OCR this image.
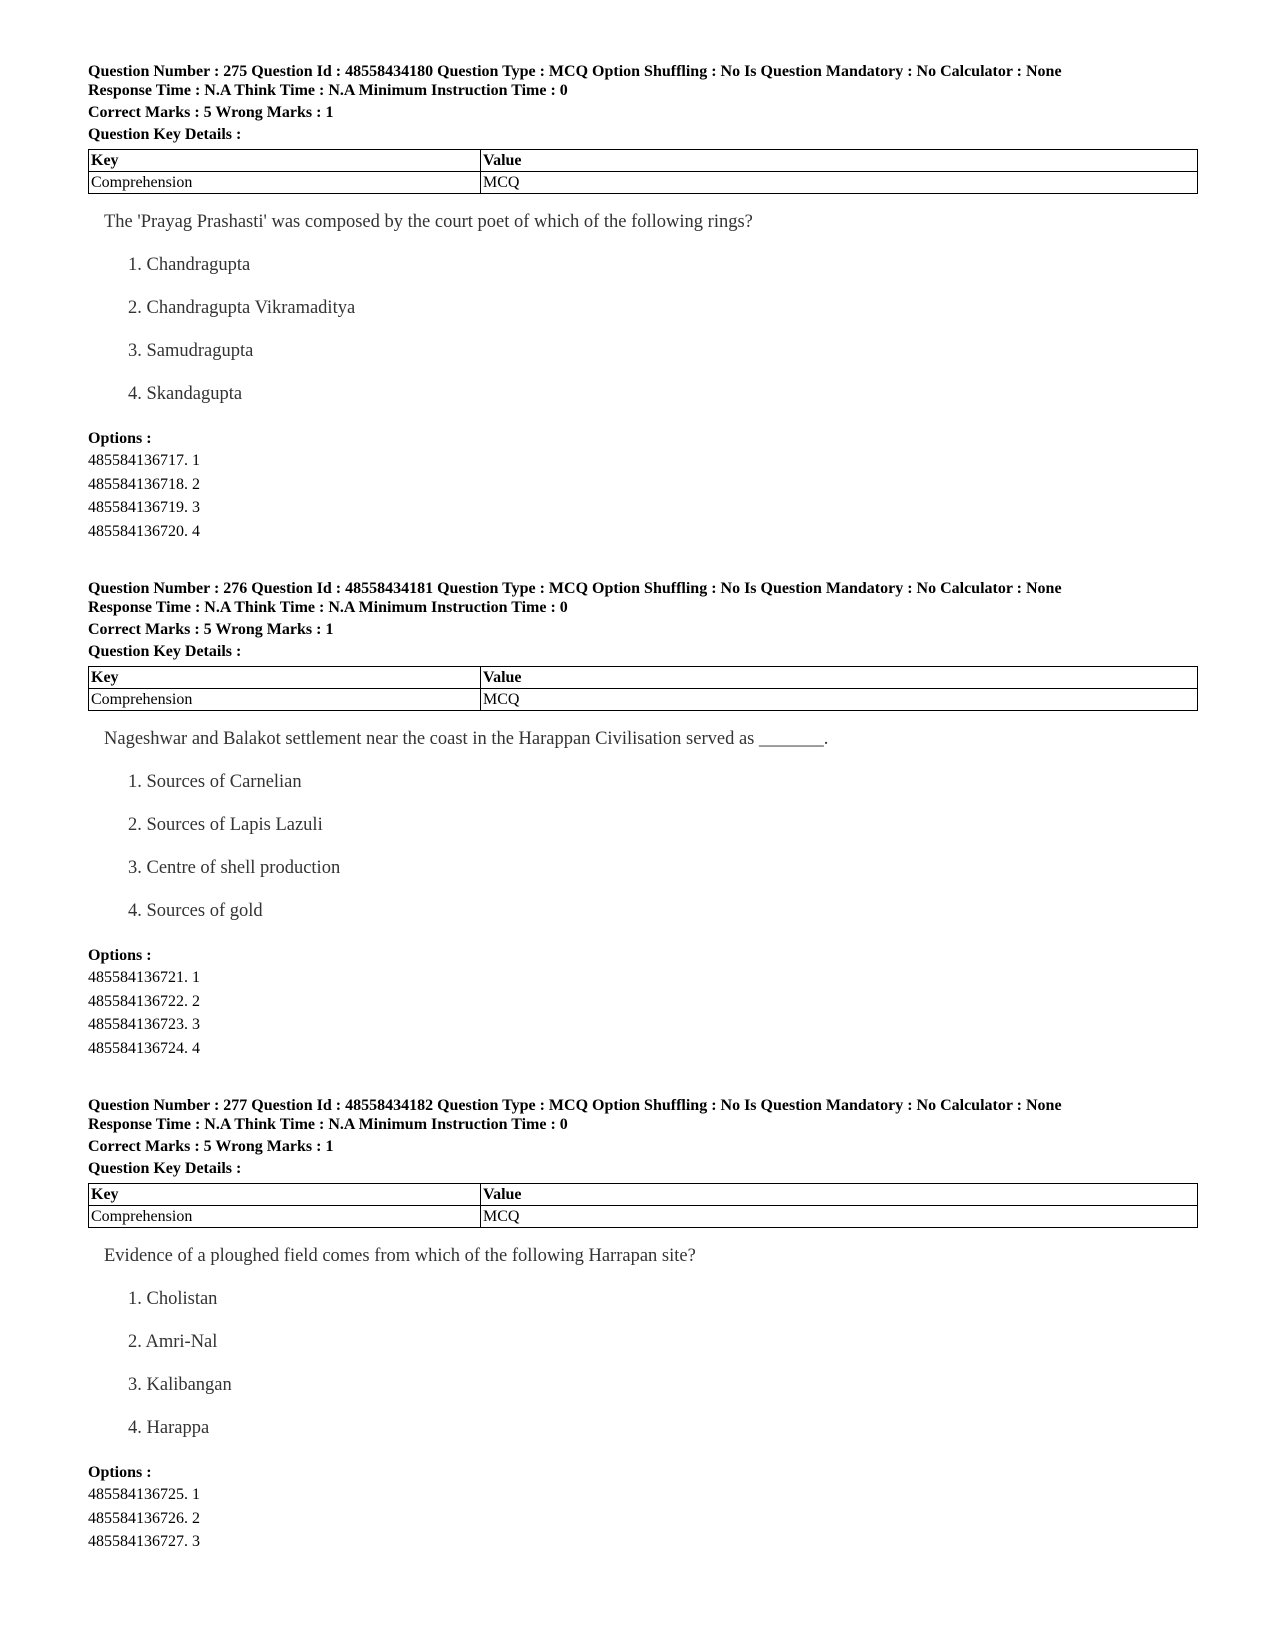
Question Number : 275 Question Id : 48558434180 Question Type : MCQ Option Shuffling : No Is Question Mandatory : No Calculator : None
Response Time : N.A Think Time : N.A Minimum Instruction Time : 0
Correct Marks : 5 Wrong Marks : 1
Question Key Details :
Key	Value
Comprehension	MCQ
The 'Prayag Prashasti' was composed by the court poet of which of the following rings?
1. Chandragupta
2. Chandragupta Vikramaditya
3. Samudragupta
4. Skandagupta
Options :
485584136717. 1
485584136718. 2
485584136719. 3
485584136720. 4
Question Number : 276 Question Id : 48558434181 Question Type : MCQ Option Shuffling : No Is Question Mandatory : No Calculator : None
Response Time : N.A Think Time : N.A Minimum Instruction Time : 0
Correct Marks : 5 Wrong Marks : 1
Question Key Details :
Key	Value
Comprehension	MCQ
Nageshwar and Balakot settlement near the coast in the Harappan Civilisation served as _______.
1. Sources of Carnelian
2. Sources of Lapis Lazuli
3. Centre of shell production
4. Sources of gold
Options :
485584136721. 1
485584136722. 2
485584136723. 3
485584136724. 4
Question Number : 277 Question Id : 48558434182 Question Type : MCQ Option Shuffling : No Is Question Mandatory : No Calculator : None
Response Time : N.A Think Time : N.A Minimum Instruction Time : 0
Correct Marks : 5 Wrong Marks : 1
Question Key Details :
Key	Value
Comprehension	MCQ
Evidence of a ploughed field comes from which of the following Harrapan site?
1. Cholistan
2. Amri-Nal
3. Kalibangan
4. Harappa
Options :
485584136725. 1
485584136726. 2
485584136727. 3
